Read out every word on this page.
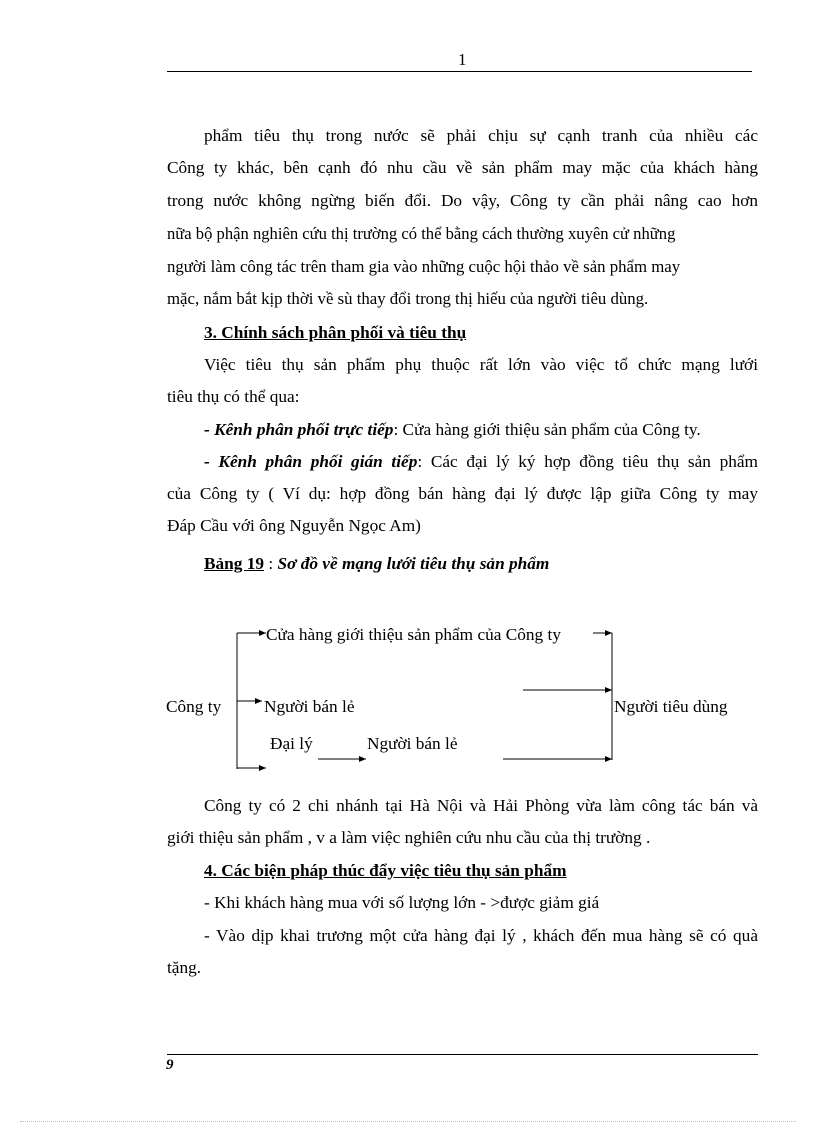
1
phẩm tiêu thụ trong nước sẽ phải chịu sự cạnh tranh của nhiều các
Công ty khác, bên cạnh đó nhu cầu về sản phẩm may mặc của khách hàng
trong nước không ngừng biến đổi. Do vậy, Công ty cần phải nâng cao hơn
nữa bộ phận nghiên cứu thị trường có thể bằng cách thường xuyên cử những
người làm công tác trên tham gia vào những cuộc hội thảo về sản phẩm may
mặc, nắm bắt kịp thời về sù thay đổi trong thị hiếu của người tiêu dùng.
3. Chính sách phân phối và tiêu thụ
Việc tiêu thụ sản phẩm phụ thuộc rất lớn vào việc tổ chức mạng lưới
tiêu thụ có thể qua:
- Kênh phân phối trực tiếp: Cửa hàng giới thiệu sản phẩm của Công ty.
- Kênh phân phối gián tiếp: Các đại lý ký hợp đồng tiêu thụ sản phẩm
của Công ty ( Ví dụ: hợp đồng bán hàng đại lý được lập giữa Công ty may
Đáp Cầu với ông Nguyễn Ngọc Am)
Bảng 19 : Sơ đồ về mạng lưới tiêu thụ sản phẩm
Công ty
Cửa hàng giới thiệu sản phẩm của Công ty
Người bán lẻ
Đại lý	Người bán lẻ
Người tiêu dùng
Công ty có 2 chi nhánh tại Hà Nội và Hải Phòng vừa làm công tác bán và
giới thiệu sản phẩm , v a làm việc nghiên cứu nhu cầu của thị trường .
4. Các biện pháp thúc đẩy việc tiêu thụ sản phẩm
- Khi khách hàng mua với số lượng lớn - >được giảm giá
- Vào dịp khai trương một cửa hàng đại lý , khách đến mua hàng sẽ có quà
tặng.
9
